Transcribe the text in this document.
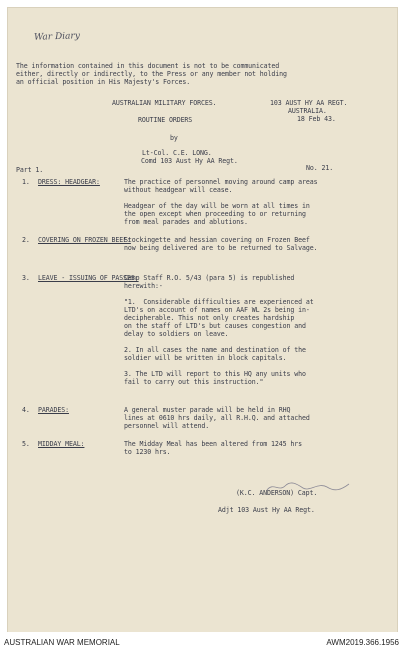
War Diary
The information contained in this document is not to be communicated
either, directly or indirectly, to the Press or any member not holding
an official position in His Majesty's Forces.
AUSTRALIAN MILITARY FORCES.	103 AUST HY AA REGT.
AUSTRALIA.
18 Feb 43.
ROUTINE ORDERS
by
Lt-Col. C.E. LONG.
Comd 103 Aust Hy AA Regt.
Part 1.	No. 21.
1. DRESS: HEADGEAR:	The practice of personnel moving around camp areas
without headgear will cease.
Headgear of the day will be worn at all times in
the open except when proceeding to or returning
from meal parades and ablutions.
2. COVERING ON FROZEN BEEF:
Stockingette and hessian covering on Frozen Beef
now being delivered are to be returned to Salvage.
3. LEAVE - ISSUING OF PASSES:
Camp Staff R.O. 5/43 (para 5) is republished
herewith:-
"1.  Considerable difficulties are experienced at
LTD's on account of names on AAF WL 2s being in-
decipherable. This not only creates hardship
on the staff of LTD's but causes congestion and
delay to soldiers on leave.
2. In all cases the name and destination of the
soldier will be written in block capitals.
3. The LTD will report to this HQ any units who
fail to carry out this instruction."
4. PARADES:	A general muster parade will be held in RHQ
lines at 0610 hrs daily, all R.H.Q. and attached
personnel will attend.
5. MIDDAY MEAL:	The Midday Meal has been altered from 1245 hrs
to 1230 hrs.
(K.C. ANDERSON) Capt.
Adjt 103 Aust Hy AA Regt.
AUSTRALIAN WAR MEMORIAL	AWM2019.366.1956
